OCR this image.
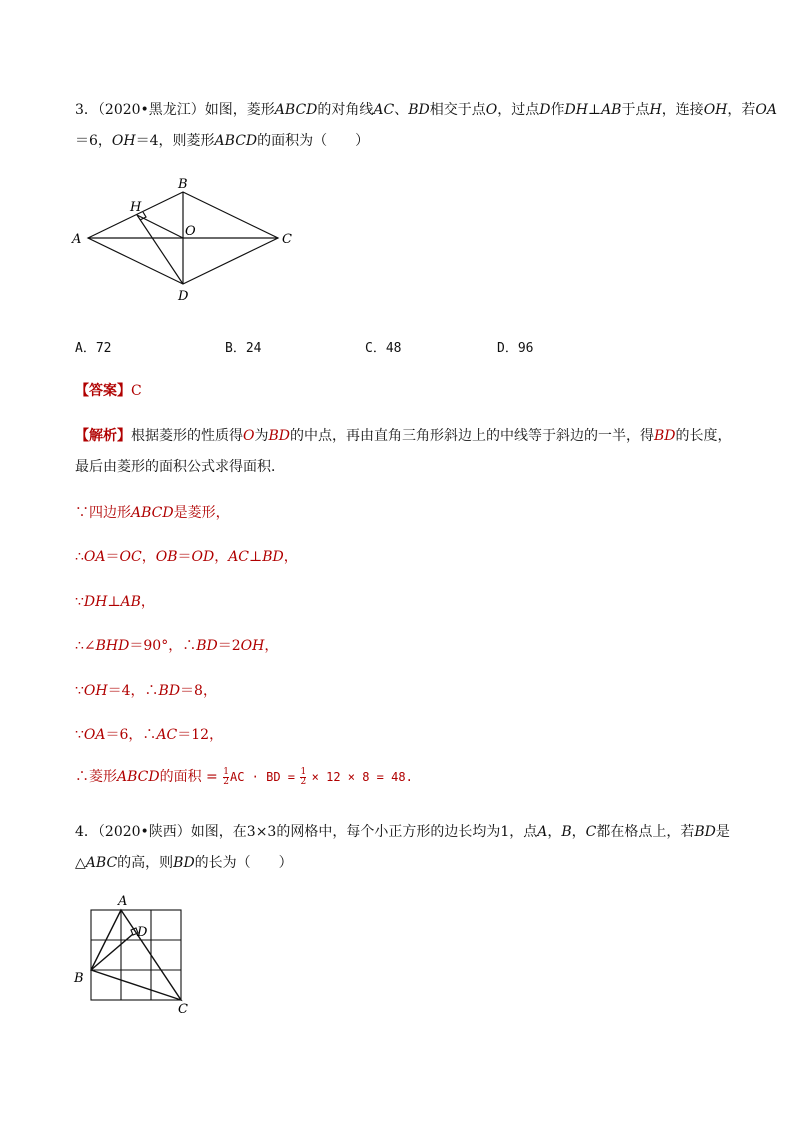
3．（2020•黑龙江）如图，菱形ABCD的对角线AC、BD相交于点O，过点D作DH⊥AB于点H，连接OH，若OA
＝6，OH＝4，则菱形ABCD的面积为（　　）
A
B
C
D
H
O
A．72	B．24	C．48	D．96
【答案】C
【解析】根据菱形的性质得O为BD的中点，再由直角三角形斜边上的中线等于斜边的一半，得BD的长度，
最后由菱形的面积公式求得面积．
∵四边形ABCD是菱形，
∴OA＝OC，OB＝OD，AC⊥BD，
∵DH⊥AB，
∴∠BHD＝90°，∴BD＝2OH，
∵OH＝4，∴BD＝8，
∵OA＝6，∴AC＝12，
∴菱形ABCD的面积 = $\frac{1}{2}$ AC · BD = $\frac{1}{2} \times 12 \times 8 = 48$.
4．（2020•陕西）如图，在3×3的网格中，每个小正方形的边长均为1，点A，B，C都在格点上，若BD是
△ABC的高，则BD的长为（　　）
A
B
C
D
